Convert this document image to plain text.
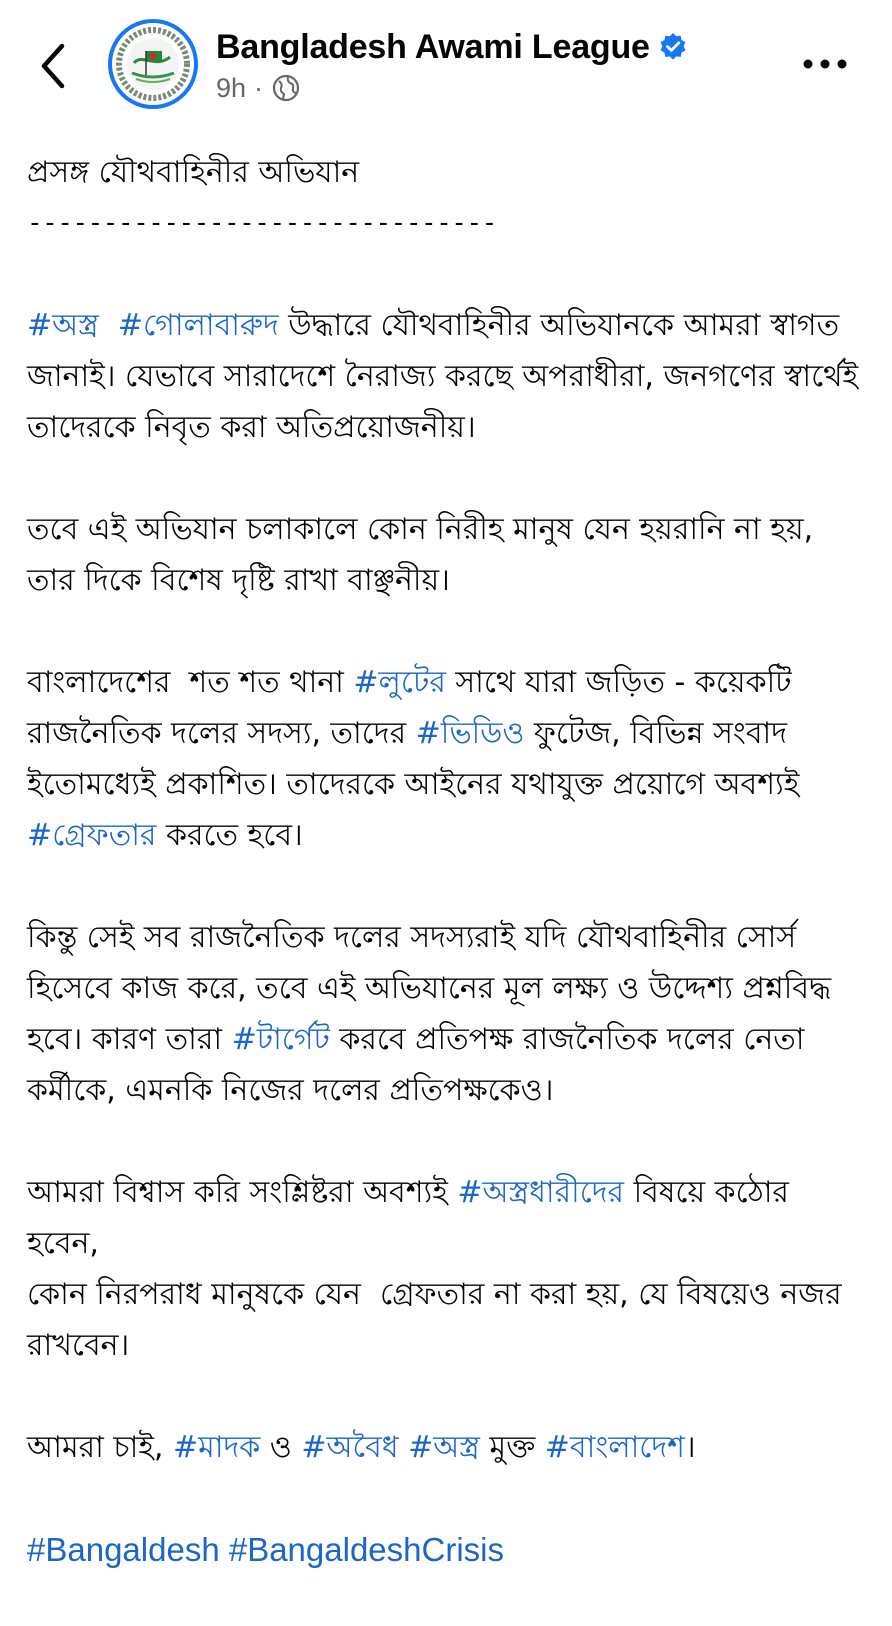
Bangladesh Awami League
9h ·

প্রসঙ্গ যৌথবাহিনীর অভিযান

-------------------------------

#অস্ত্র #গোলাবারুদ উদ্ধারে যৌথবাহিনীর অভিযানকে আমরা স্বাগত জানাই। যেভাবে সারাদেশে নৈরাজ্য করছে অপরাধীরা, জনগণের স্বার্থেই  তাদেরকে নিবৃত করা অতিপ্রয়োজনীয়।

তবে এই অভিযান চলাকালে কোন নিরীহ মানুষ যেন হয়রানি না হয়,
তার দিকে বিশেষ দৃষ্টি রাখা বাঞ্ছনীয়।

বাংলাদেশের  শত শত থানা #লুটের সাথে যারা জড়িত - কয়েকটি রাজনৈতিক দলের সদস্য, তাদের #ভিডিও ফুটেজ, বিভিন্ন সংবাদ ইতোমধ্যেই প্রকাশিত। তাদেরকে আইনের যথাযুক্ত প্রয়োগে অবশ্যই #গ্রেফতার করতে হবে।

কিন্তু সেই সব রাজনৈতিক দলের সদস্যরাই যদি যৌথবাহিনীর সোর্স হিসেবে কাজ করে, তবে এই অভিযানের মূল লক্ষ্য ও উদ্দেশ্য প্রশ্নবিদ্ধ হবে। কারণ তারা #টার্গেট করবে প্রতিপক্ষ রাজনৈতিক দলের নেতা কর্মীকে, এমনকি নিজের দলের প্রতিপক্ষকেও।

আমরা বিশ্বাস করি সংশ্লিষ্টরা অবশ্যই #অস্ত্রধারীদের বিষয়ে কঠোর হবেন,
কোন নিরপরাধ মানুষকে যেন  গ্রেফতার না করা হয়, যে বিষয়েও নজর রাখবেন।

আমরা চাই, #মাদক ও #অবৈধ #অস্ত্র মুক্ত #বাংলাদেশ।

#Bangaldesh #BangaldeshCrisis
